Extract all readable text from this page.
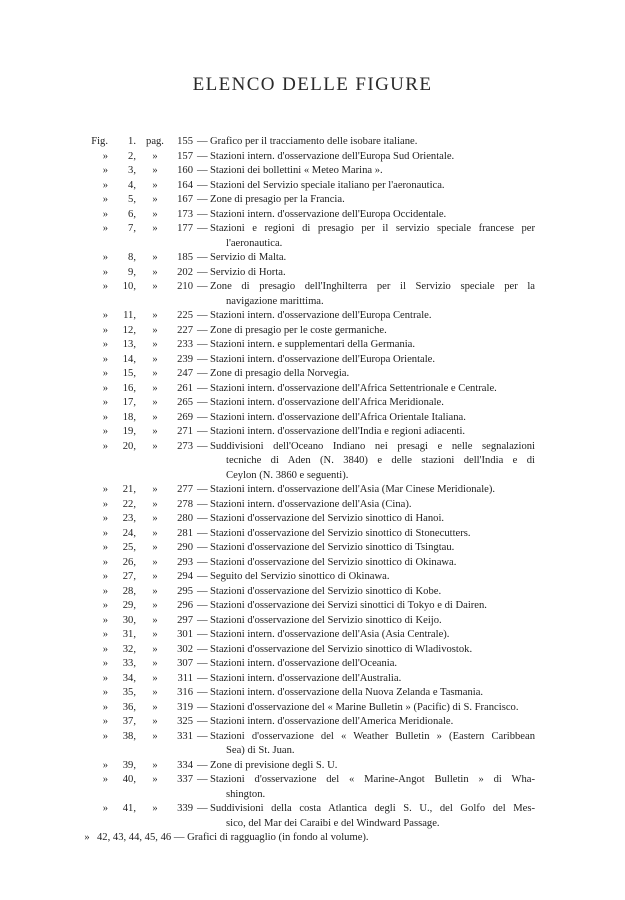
ELENCO DELLE FIGURE
Fig.	1. pag.	155 — Grafico per il tracciamento delle isobare italiane.
»	2,	»	157 — Stazioni intern. d'osservazione dell'Europa Sud Orientale.
»	3,	»	160 — Stazioni dei bollettini « Meteo Marina ».
»	4,	»	164 — Stazioni del Servizio speciale italiano per l'aeronautica.
»	5,	»	167 — Zone di presagio per la Francia.
»	6,	»	173 — Stazioni intern. d'osservazione dell'Europa Occidentale.
»	7,	»	177 — Stazioni e regioni di presagio per il servizio speciale francese per
l'aeronautica.
»	8,	»	185 — Servizio di Malta.
»	9,	»	202 — Servizio di Horta.
»	10,	»	210 — Zone di presagio dell'Inghilterra per il Servizio speciale per la
navigazione marittima.
»	11,	»	225 — Stazioni intern. d'osservazione dell'Europa Centrale.
»	12,	»	227 — Zone di presagio per le coste germaniche.
»	13,	»	233 — Stazioni intern. e supplementari della Germania.
»	14,	»	239 — Stazioni intern. d'osservazione dell'Europa Orientale.
»	15,	»	247 — Zone di presagio della Norvegia.
»	16,	»	261 — Stazioni intern. d'osservazione dell'Africa Settentrionale e Centrale.
»	17,	»	265 — Stazioni intern. d'osservazione dell'Africa Meridionale.
»	18,	»	269 — Stazioni intern. d'osservazione dell'Africa Orientale Italiana.
»	19,	»	271 — Stazioni intern. d'osservazione dell'India e regioni adiacenti.
»	20,	»	273 — Suddivisioni dell'Oceano Indiano nei presagi e nelle segnalazioni
tecniche di Aden (N. 3840) e delle stazioni dell'India e di
Ceylon (N. 3860 e seguenti).
»	21,	»	277 — Stazioni intern. d'osservazione dell'Asia (Mar Cinese Meridionale).
»	22,	»	278 — Stazioni intern. d'osservazione dell'Asia (Cina).
»	23,	»	280 — Stazioni d'osservazione del Servizio sinottico di Hanoi.
»	24,	»	281 — Stazioni d'osservazione del Servizio sinottico di Stonecutters.
»	25,	»	290 — Stazioni d'osservazione del Servizio sinottico di Tsingtau.
»	26,	»	293 — Stazioni d'osservazione del Servizio sinottico di Okinawa.
»	27,	»	294 — Seguito del Servizio sinottico di Okinawa.
»	28,	»	295 — Stazioni d'osservazione del Servizio sinottico di Kobe.
»	29,	»	296 — Stazioni d'osservazione dei Servizi sinottici di Tokyo e di Dairen.
»	30,	»	297 — Stazioni d'osservazione del Servizio sinottico di Keijo.
»	31,	»	301 — Stazioni intern. d'osservazione dell'Asia (Asia Centrale).
»	32,	»	302 — Stazioni d'osservazione del Servizio sinottico di Wladivostok.
»	33,	»	307 — Stazioni intern. d'osservazione dell'Oceania.
»	34,	»	311 — Stazioni intern. d'osservazione dell'Australia.
»	35,	»	316 — Stazioni intern. d'osservazione della Nuova Zelanda e Tasmania.
»	36,	»	319 — Stazioni d'osservazione del « Marine Bulletin » (Pacific) di S. Francisco.
»	37,	»	325 — Stazioni intern. d'osservazione dell'America Meridionale.
»	38,	»	331 — Stazioni d'osservazione del « Weather Bulletin » (Eastern Caribbean
Sea) di St. Juan.
»	39,	»	334 — Zone di previsione degli S. U.
»	40,	»	337 — Stazioni d'osservazione del « Marine-Angot Bulletin » di Wha-
shington.
»	41,	»	339 — Suddivisioni della costa Atlantica degli S. U., del Golfo del Mes-
sico, del Mar dei Caraibi e del Windward Passage.
» 42, 43, 44, 45, 46 — Grafici di ragguaglio (in fondo al volume).
